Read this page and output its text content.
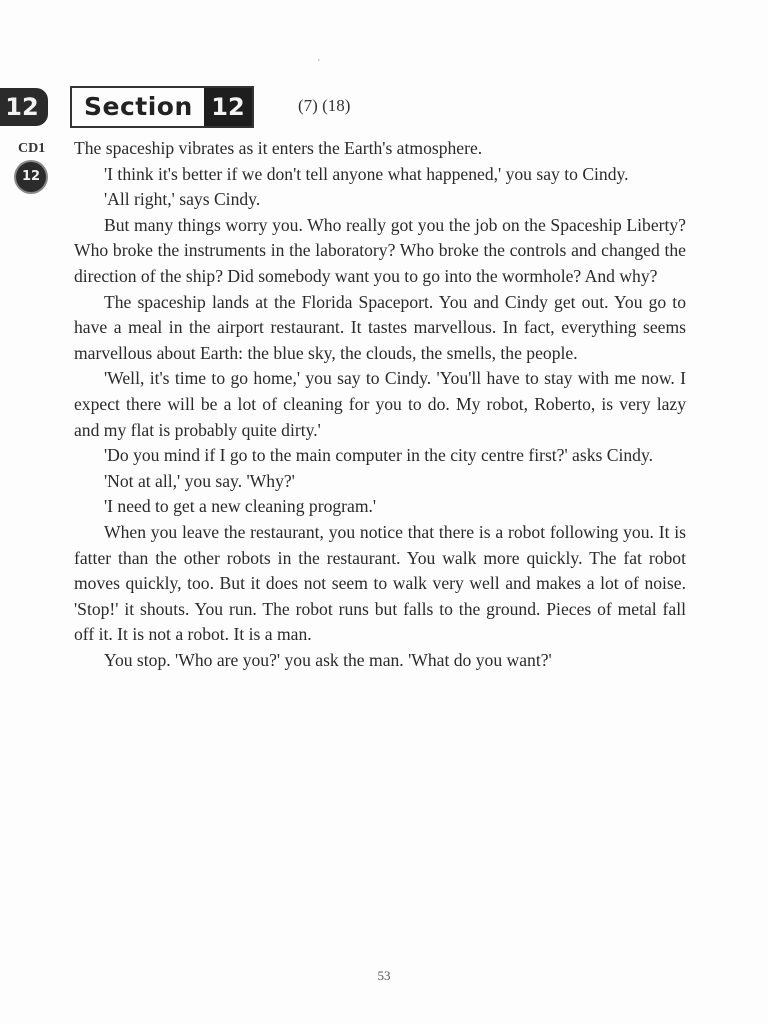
'
12	Section 12	(7) (18)
CD1
12

The spaceship vibrates as it enters the Earth's atmosphere.

'I think it's better if we don't tell anyone what happened,' you say to Cindy.

'All right,' says Cindy.

But many things worry you. Who really got you the job on the Spaceship Liberty? Who broke the instruments in the laboratory? Who broke the controls and changed the direction of the ship? Did somebody want you to go into the wormhole? And why?

The spaceship lands at the Florida Spaceport. You and Cindy get out. You go to have a meal in the airport restaurant. It tastes marvellous. In fact, everything seems marvellous about Earth: the blue sky, the clouds, the smells, the people.

'Well, it's time to go home,' you say to Cindy. 'You'll have to stay with me now. I expect there will be a lot of cleaning for you to do. My robot, Roberto, is very lazy and my flat is probably quite dirty.'

'Do you mind if I go to the main computer in the city centre first?' asks Cindy.

'Not at all,' you say. 'Why?'

'I need to get a new cleaning program.'

When you leave the restaurant, you notice that there is a robot following you. It is fatter than the other robots in the restaurant. You walk more quickly. The fat robot moves quickly, too. But it does not seem to walk very well and makes a lot of noise. 'Stop!' it shouts. You run. The robot runs but falls to the ground. Pieces of metal fall off it. It is not a robot. It is a man.

You stop. 'Who are you?' you ask the man. 'What do you want?'

53
